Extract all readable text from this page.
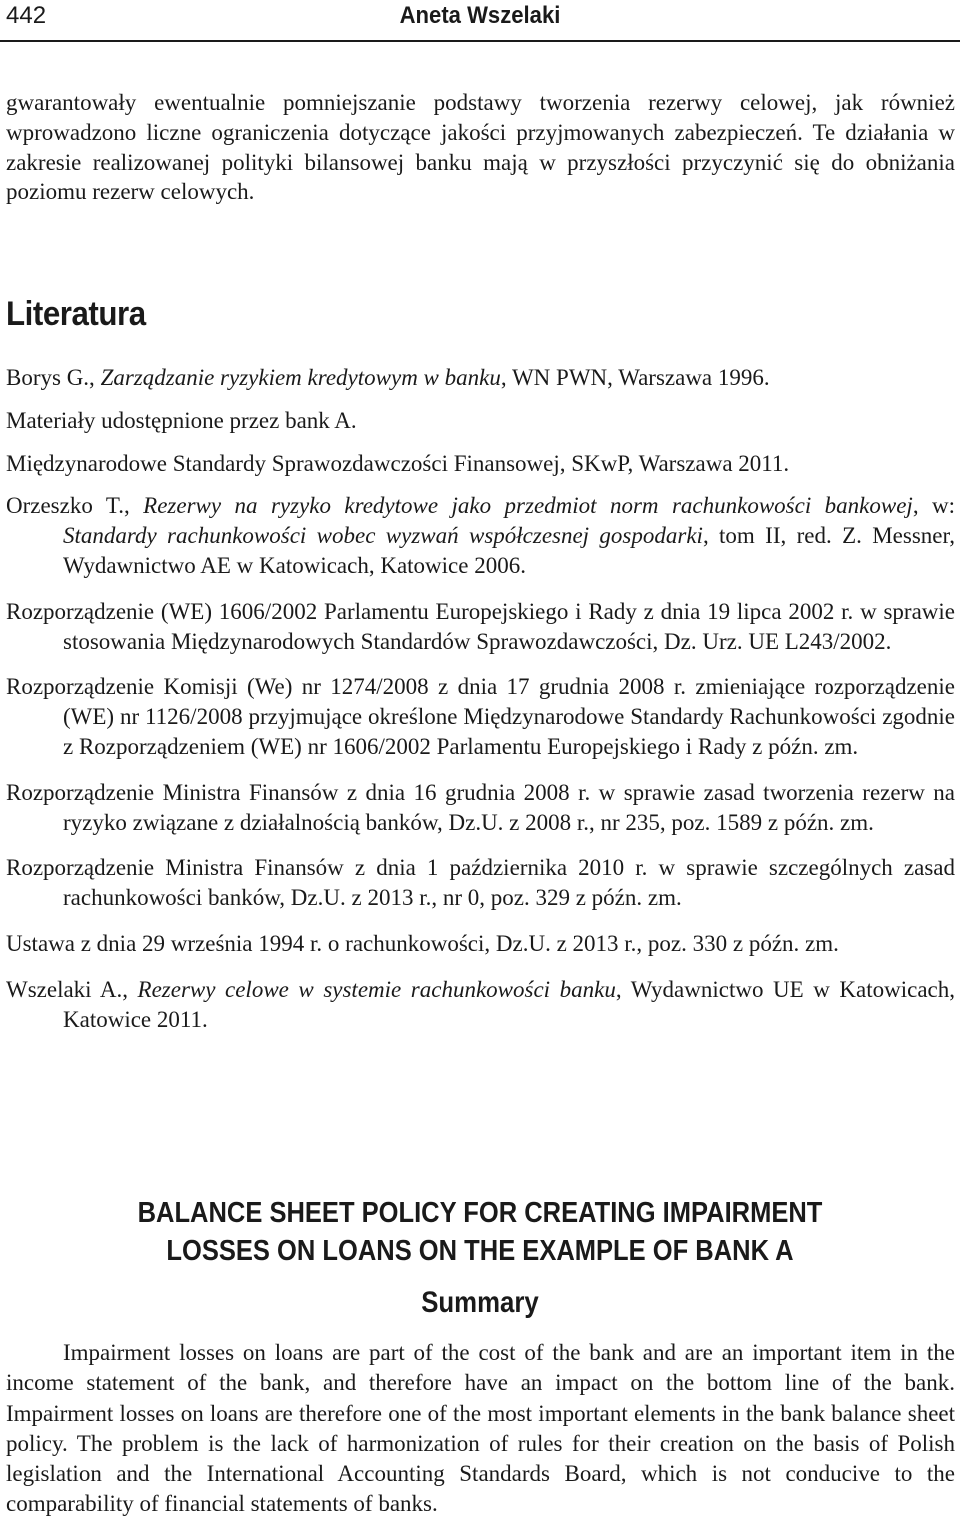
442	Aneta Wszelaki

gwarantowały ewentualnie pomniejszanie podstawy tworzenia rezerwy celowej, jak również wprowadzono liczne ograniczenia dotyczące jakości przyjmowanych zabezpieczeń. Te działania w zakresie realizowanej polityki bilansowej banku mają w przyszłości przyczynić się do obniżania poziomu rezerw celowych.

Literatura
Borys G., Zarządzanie ryzykiem kredytowym w banku, WN PWN, Warszawa 1996.
Materiały udostępnione przez bank A.
Międzynarodowe Standardy Sprawozdawczości Finansowej, SKwP, Warszawa 2011.
Orzeszko T., Rezerwy na ryzyko kredytowe jako przedmiot norm rachunkowości bankowej, w: Standardy rachunkowości wobec wyzwań współczesnej gospodarki, tom II, red. Z. Messner, Wydawnictwo AE w Katowicach, Katowice 2006.
Rozporządzenie (WE) 1606/2002 Parlamentu Europejskiego i Rady z dnia 19 lipca 2002 r. w sprawie stosowania Międzynarodowych Standardów Sprawozdawczości, Dz. Urz. UE L243/2002.
Rozporządzenie Komisji (We) nr 1274/2008 z dnia 17 grudnia 2008 r. zmieniające rozporządzenie (WE) nr 1126/2008 przyjmujące określone Międzynarodowe Standardy Rachunkowości zgodnie z Rozporządzeniem (WE) nr 1606/2002 Parlamentu Europejskiego i Rady z późn. zm.
Rozporządzenie Ministra Finansów z dnia 16 grudnia 2008 r. w sprawie zasad tworzenia rezerw na ryzyko związane z działalnością banków, Dz.U. z 2008 r., nr 235, poz. 1589 z późn. zm.
Rozporządzenie Ministra Finansów z dnia 1 października 2010 r. w sprawie szczególnych zasad rachunkowości banków, Dz.U. z 2013 r., nr 0, poz. 329 z późn. zm.
Ustawa z dnia 29 września 1994 r. o rachunkowości, Dz.U. z 2013 r., poz. 330 z późn. zm.
Wszelaki A., Rezerwy celowe w systemie rachunkowości banku, Wydawnictwo UE w Katowicach, Katowice 2011.

BALANCE SHEET POLICY FOR CREATING IMPAIRMENT

LOSSES ON LOANS ON THE EXAMPLE OF BANK A

Summary

Impairment losses on loans are part of the cost of the bank and are an important item in the income statement of the bank, and therefore have an impact on the bottom line of the bank. Impairment losses on loans are therefore one of the most important elements in the bank balance sheet policy. The problem is the lack of harmonization of rules for their creation on the basis of Polish legislation and the International Accounting Standards Board, which is not conducive to the comparability of financial statements of banks.
